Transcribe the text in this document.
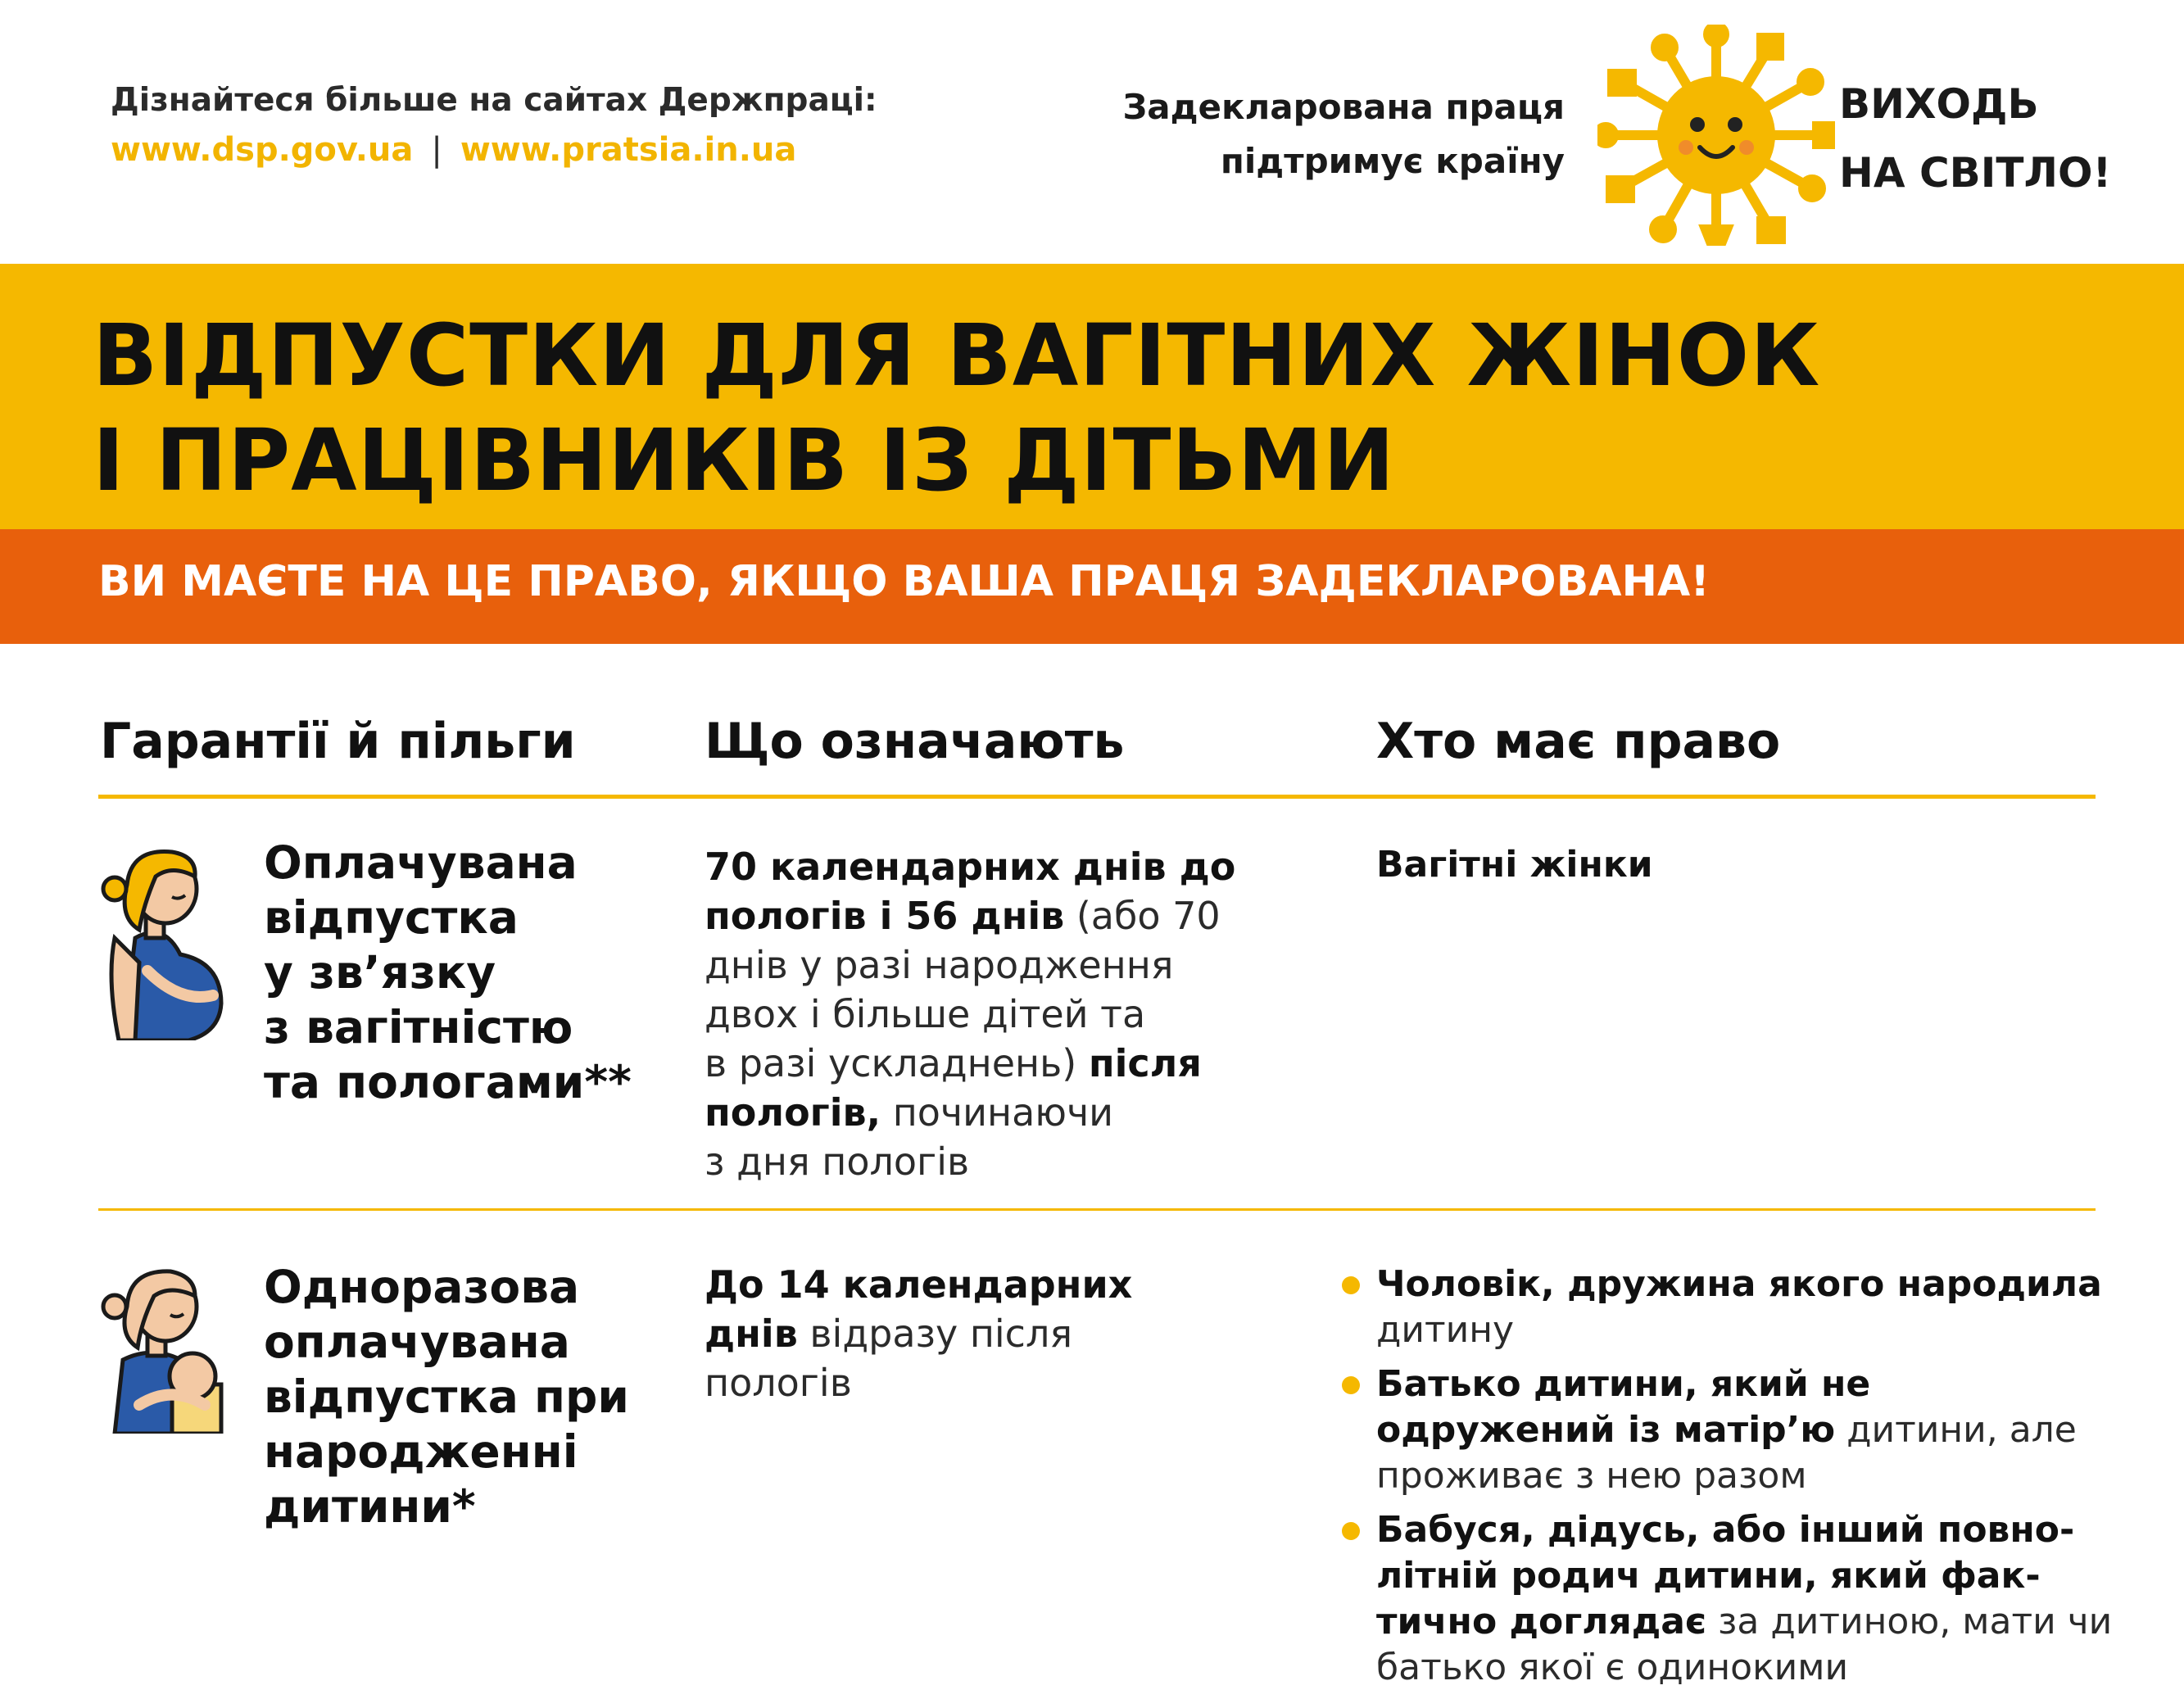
Дізнайтеся більше на сайтах Держпраці:
www.dsp.gov.ua | www.pratsia.in.ua
Задекларована праця
підтримує країну
ВИХОДЬ
НА СВІТЛО!
ВІДПУСТКИ ДЛЯ ВАГІТНИХ ЖІНОК
І ПРАЦІВНИКІВ ІЗ ДІТЬМИ
ВИ МАЄТЕ НА ЦЕ ПРАВО, ЯКЩО ВАША ПРАЦЯ ЗАДЕКЛАРОВАНА!
Гарантії й пільги	Що означають	Хто має право
Оплачувана
відпустка
у зв’язку
з вагітністю
та пологами**
70 календарних днів до
пологів і 56 днів (або 70
днів у разі народження
двох і більше дітей та
в разі ускладнень) після
пологів, починаючи
з дня пологів
Вагітні жінки
Одноразова
оплачувана
відпустка при
народженні
дитини*
До 14 календарних
днів відразу після
пологів
Чоловік, дружина якого народила
дитину
Батько дитини, який не одружений із матір’ю дитини, але проживає з нею разом
Бабуся, дідусь, або інший повно-літній родич дитини, який фак-тично доглядає за дитиною, мати чи батько якої є одинокими
